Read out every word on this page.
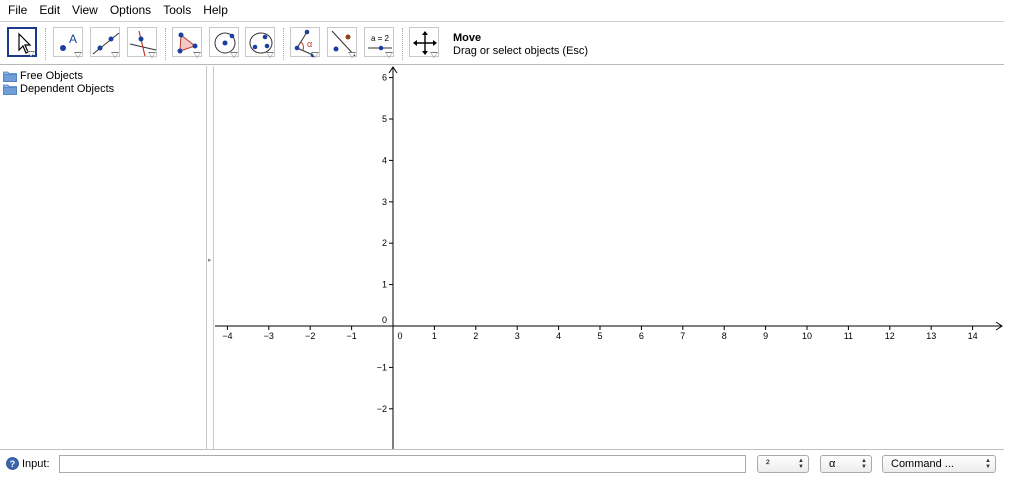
File	Edit	View	Options	Tools	Help
A	α
a = 2	Move
Drag or select objects (Esc)
Free Objects
Dependent Objects
▸
−4	−3	−2	−1	0	1	2	3	4	5	6	7	8	9	10	11	12	13	14
6
5
4
3
2
1
0
−1
−2
? Input:	²	▲
▼ α	▲
▼ Command ...	▲
▼
